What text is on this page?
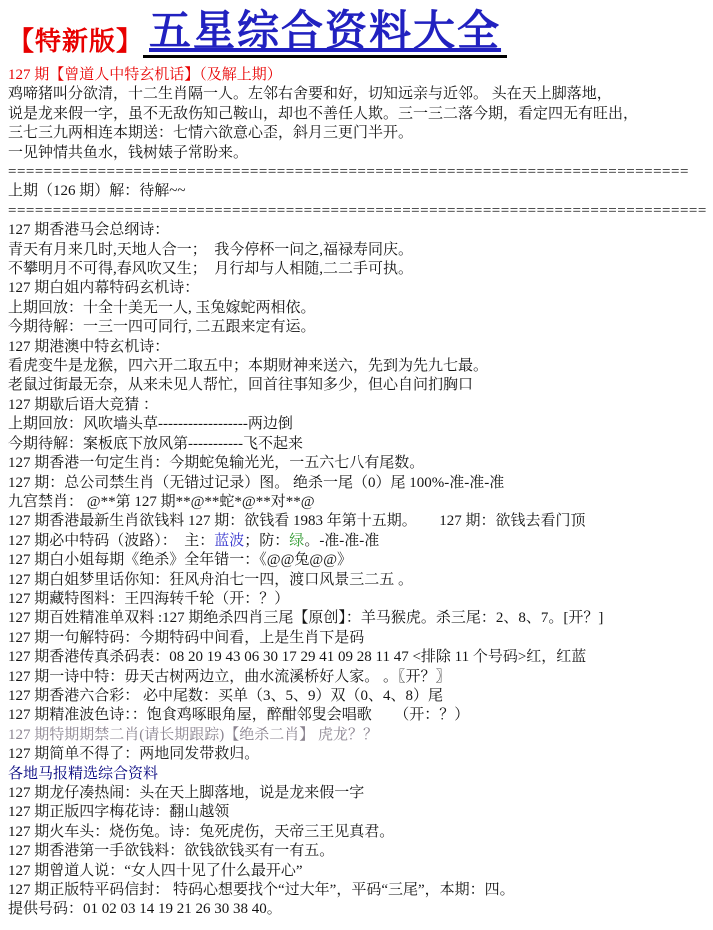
【特新版】 五星综合资料大全
127 期【曾道人中特玄机话】（及解上期）
鸡啼猪叫分欲清，十二生肖隔一人。左邻右舍要和好，切知远亲与近邻。 头在天上脚落地，
说是龙来假一字，虽不无敌伤知己鞍山，却也不善任人欺。三一三二落今期，看定四无有旺出，
三七三九两相连本期送：七情六欲意心歪，斜月三更门半开。
一见钟情共鱼水，钱树婊子常盼来。
============================================================================
上期（126 期）解：待解~~
==============================================================================
127 期香港马会总纲诗：
青天有月来几时,天地人合一；  我今停杯一问之,福禄寿同庆。
不攀明月不可得,春风吹又生；  月行却与人相随,二二手可执。
127 期白姐内幕特码玄机诗：
上期回放：十全十美无一人, 玉兔嫁蛇两相依。
今期待解：一三一四可同行, 二五跟来定有运。
127 期港澳中特玄机诗：
看虎变牛是龙猴，四六开二取五中；本期财神来送六，先到为先九七最。
老鼠过街最无奈，从来未见人帮忙，回首往事知多少，但心自问扪胸口
127 期歇后语大竞猜 ：
上期回放：风吹墙头草------------------两边倒
今期待解：案板底下放风第-----------飞不起来
127 期香港一句定生肖：今期蛇兔输光光，一五六七八有尾数。
127 期：总公司禁生肖（无错过记录）图。 绝杀一尾（0）尾 100%-准-准-准
九宫禁肖： @**第 127 期**@**蛇*@**对**@
127 期香港最新生肖欲钱料 127 期：欲钱看 1983 年第十五期。　　127 期：欲钱去看门顶
127 期必中特码（波路）：　主：蓝波；防：绿。-准-准-准
127 期白小姐每期《绝杀》全年错一：《@@兔@@》
127 期白姐梦里话你知：狂风舟泊七一四，渡口风景三二五 。
127 期藏特图料：王四海转千轮（开：？）
127 期百姓精准单双料 :127 期绝杀四肖三尾【原创】：羊马猴虎。杀三尾：2、8、7。[开？]
127 期一句解特码：今期特码中间看，上是生肖下是码
127 期香港传真杀码表：08 20 19 43 06 30 17 29 41 09 28 11 47 <排除 11 个号码>红，红蓝
127 期一诗中特：毋天古树两边立，曲水流溪桥好人家。 。〖开？〗
127 期香港六合彩： 必中尾数：买单（3、5、9）双（0、4、8）尾
127 期精准波色诗：：饱食鸡啄眼角屋，醉酣邻叟会唱歌　　（开：？）
127 期特期期禁二肖(请长期跟踪)【绝杀二肖】 虎龙？？
127 期简单不得了：两地同发带救归。
各地马报精选综合资料
127 期龙仔凑热闹：头在天上脚落地，说是龙来假一字
127 期正版四字梅花诗：翻山越领
127 期火车头：烧伤兔。诗：兔死虎伤，天帝三王见真君。
127 期香港第一手欲钱料：欲钱欲钱买有一有五。
127 期曾道人说：“女人四十见了什么最开心”
127 期正版特平码信封： 特码心想要找个“过大年”，平码“三尾”，本期：四。
提供号码：01 02 03 14 19 21 26 30 38 40。
